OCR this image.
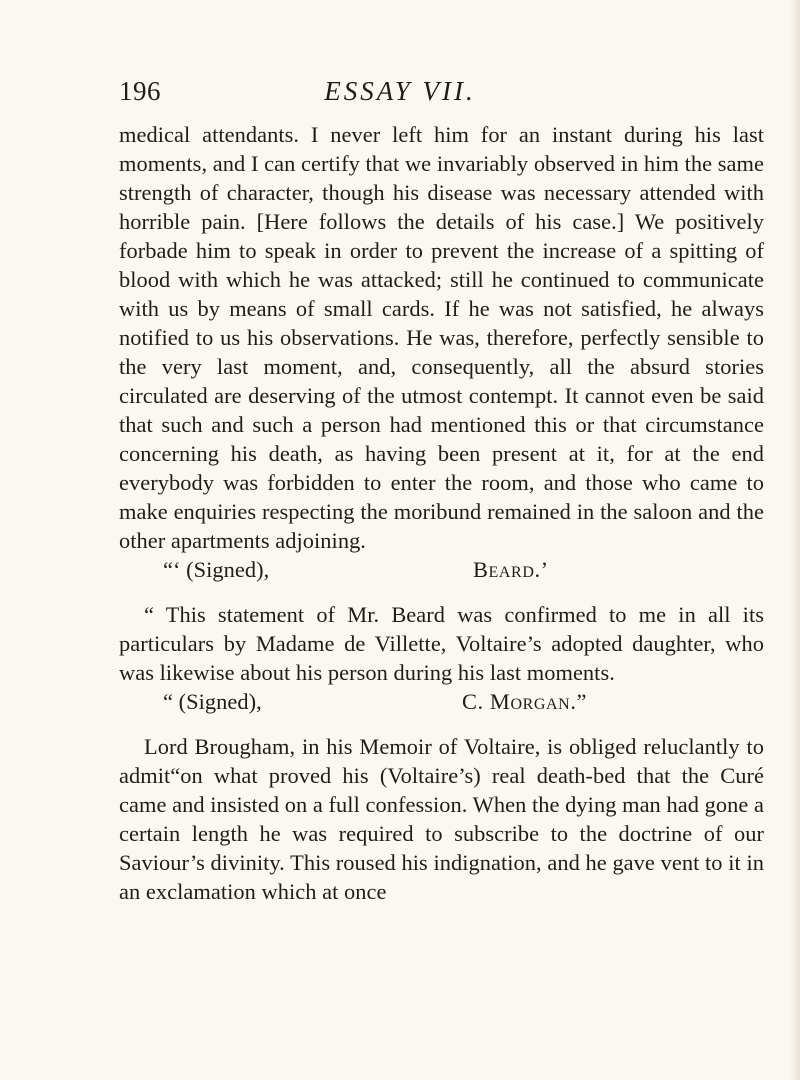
196	ESSAY VII.

medical attendants. I never left him for an instant during his last moments, and I can certify that we invariably observed in him the same strength of character, though his disease was necessary attended with horrible pain. [Here follows the details of his case.] We positively forbade him to speak in order to prevent the increase of a spitting of blood with which he was attacked; still he continued to communicate with us by means of small cards. If he was not satisfied, he always notified to us his observations. He was, therefore, perfectly sensible to the very last moment, and, consequently, all the absurd stories circulated are deserving of the utmost contempt. It cannot even be said that such and such a person had mentioned this or that circumstance concerning his death, as having been present at it, for at the end everybody was forbidden to enter the room, and those who came to make enquiries respecting the moribund remained in the saloon and the other apartments adjoining.

“‘ (Signed),	Beard.’

“ This statement of Mr. Beard was confirmed to me in all its particulars by Madame de Villette, Voltaire’s adopted daughter, who was likewise about his person during his last moments.

“ (Signed),	C. Morgan.”

Lord Brougham, in his Memoir of Voltaire, is obliged reluclantly to admit“on what proved his (Voltaire’s) real death-bed that the Curé came and insisted on a full confession. When the dying man had gone a certain length he was required to subscribe to the doctrine of our Saviour’s divinity. This roused his indignation, and he gave vent to it in an exclamation which at once
